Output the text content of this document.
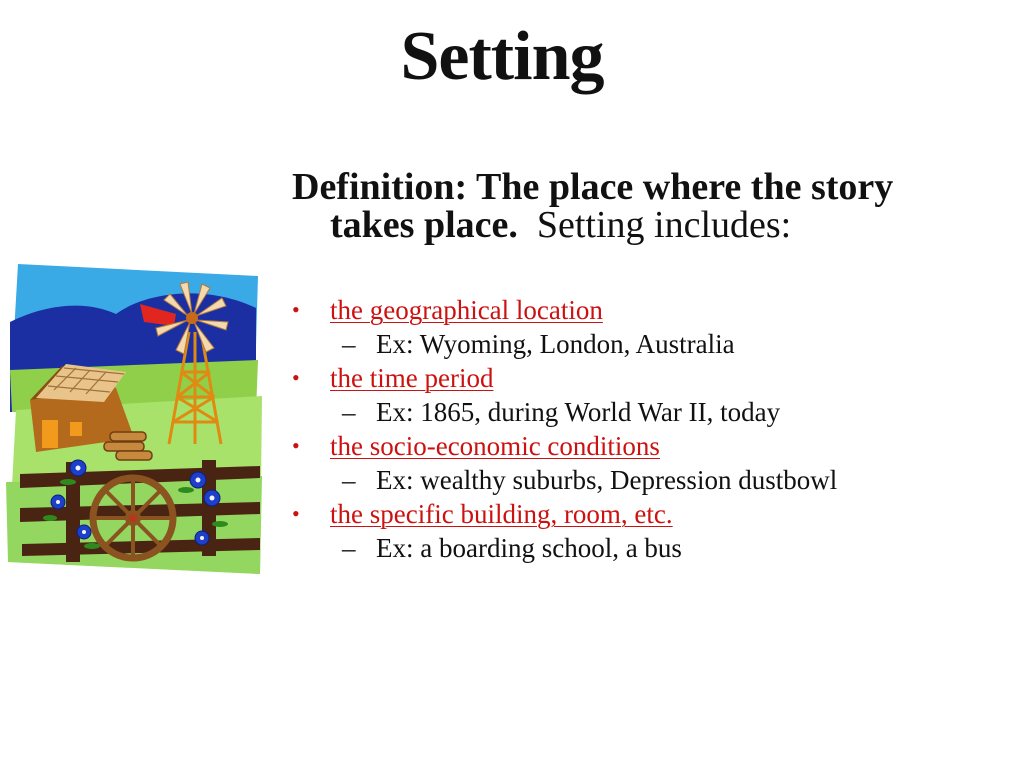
Setting
Definition: The place where the story
takes place. Setting includes:
• the geographical location
– Ex: Wyoming, London, Australia
• the time period
– Ex: 1865, during World War II, today
• the socio-economic conditions
– Ex: wealthy suburbs, Depression dustbowl
• the specific building, room, etc.
– Ex: a boarding school, a bus
